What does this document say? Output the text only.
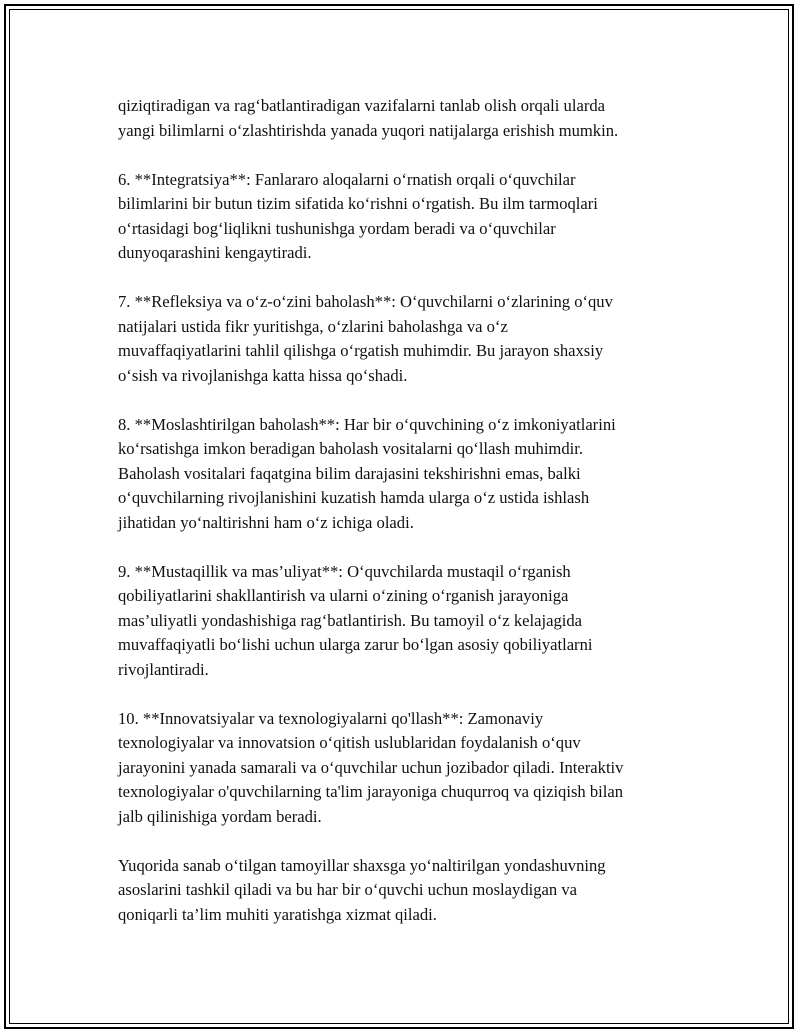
qiziqtiradigan va rag‘batlantiradigan vazifalarni tanlab olish orqali ularda
yangi bilimlarni o‘zlashtirishda yanada yuqori natijalarga erishish mumkin.

6. **Integratsiya**: Fanlararo aloqalarni o‘rnatish orqali o‘quvchilar
bilimlarini bir butun tizim sifatida ko‘rishni o‘rgatish. Bu ilm tarmoqlari
o‘rtasidagi bog‘liqlikni tushunishga yordam beradi va o‘quvchilar
dunyoqarashini kengaytiradi.

7. **Refleksiya va o‘z-o‘zini baholash**: O‘quvchilarni o‘zlarining o‘quv
natijalari ustida fikr yuritishga, o‘zlarini baholashga va o‘z
muvaffaqiyatlarini tahlil qilishga o‘rgatish muhimdir. Bu jarayon shaxsiy
o‘sish va rivojlanishga katta hissa qo‘shadi.

8. **Moslashtirilgan baholash**: Har bir o‘quvchining o‘z imkoniyatlarini
ko‘rsatishga imkon beradigan baholash vositalarni qo‘llash muhimdir.
Baholash vositalari faqatgina bilim darajasini tekshirishni emas, balki
o‘quvchilarning rivojlanishini kuzatish hamda ularga o‘z ustida ishlash
jihatidan yo‘naltirishni ham o‘z ichiga oladi.

9. **Mustaqillik va mas’uliyat**: O‘quvchilarda mustaqil o‘rganish
qobiliyatlarini shakllantirish va ularni o‘zining o‘rganish jarayoniga
mas’uliyatli yondashishiga rag‘batlantirish. Bu tamoyil o‘z kelajagida
muvaffaqiyatli bo‘lishi uchun ularga zarur bo‘lgan asosiy qobiliyatlarni
rivojlantiradi.

10. **Innovatsiyalar va texnologiyalarni qo'llash**: Zamonaviy
texnologiyalar va innovatsion o‘qitish uslublaridan foydalanish o‘quv
jarayonini yanada samarali va o‘quvchilar uchun jozibador qiladi. Interaktiv
texnologiyalar o'quvchilarning ta'lim jarayoniga chuqurroq va qiziqish bilan
jalb qilinishiga yordam beradi.

Yuqorida sanab o‘tilgan tamoyillar shaxsga yo‘naltirilgan yondashuvning
asoslarini tashkil qiladi va bu har bir o‘quvchi uchun moslaydigan va
qoniqarli ta’lim muhiti yaratishga xizmat qiladi.
